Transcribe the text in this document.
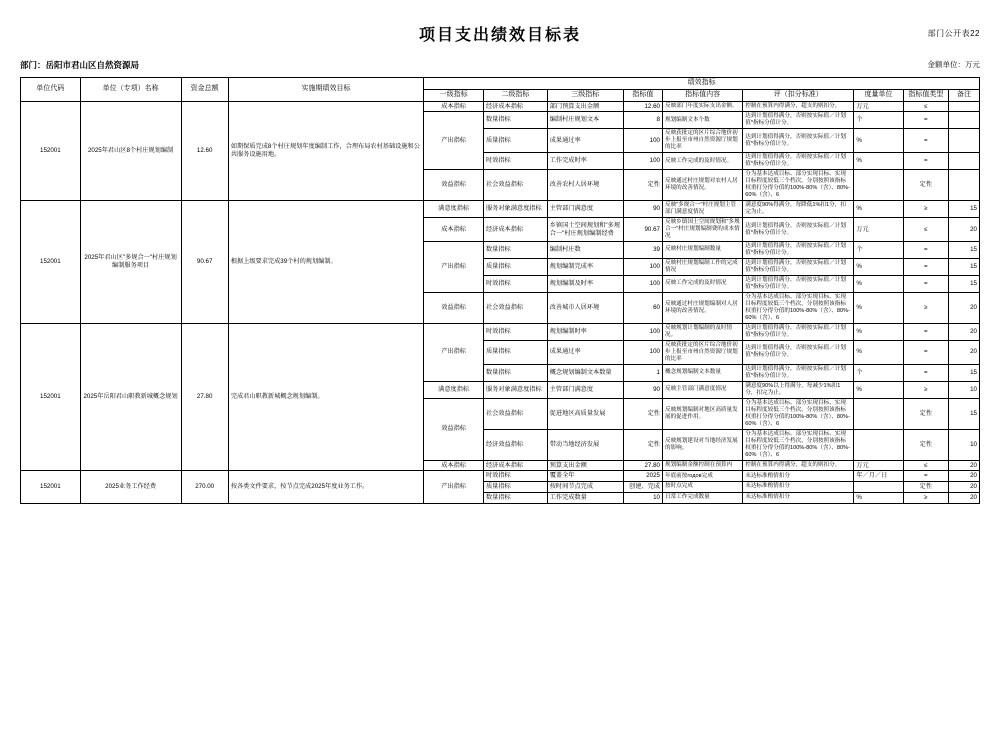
部门公开表22
项目支出绩效目标表
部门：岳阳市君山区自然资源局	金额单位：万元
单位代码	单位（专项）名称	资金总额	实施期绩效目标	绩效指标								
				一级指标	二级指标	三级指标	指标值	指标值内容	评（扣分标准）	度量单位	指标值类型	备注
152001	2025年君山区8个村庄规划编制	12.60	如期保质完成8个村庄规划年度编制工作，合理布局农村基础设施和公共服务设施用地。	成本指标	经济成本指标	部门预算支出金额	12.60	反映部门年度实际支出金额。	控制在预算内得满分，超支的则扣分。	万元	≤	
				产出指标	数量指标	编制村庄规划文本	8	规划编制文本个数	达到计划值得满分，否则按实际值／计划值*指标分值计分。	个	=	
					质量指标	成果通过率	100	反映获批定的区片综合地价初步上报至市州自然资源厅规划的比率	达到计划值得满分，否则按实际值／计划值*指标分值计分。	%	=	
					时效指标	工作完成时率	100	反映工作完成的及时情况。	达到计划值得满分，否则按实际值／计划值*指标分值计分。	%	=	
				效益指标	社会效益指标	改善农村人居环境	定性	反映通过村庄规划对农村人居环境的改善情况。	分为基本达成目标、部分实现目标、实现目标程度较低三个档次，分别按照该指标权重打分得分值的100%-80%（含）、80%-60%（含）、6		定性	
152001	2025年君山区"多规合一"村庄规划编制服务项目	90.67	根据上级要求完成39个村的规划编制。	满意度指标	服务对象满意度指标	主管部门满意度	90	反映"多规合一"村庄规划主管部门满意度情况	满意度90%得满分，每降低1%扣1分，扣完为止。	%	≥	15
				成本指标	经济成本指标	乡镇国土空间规划和"多规合一"村庄规划编制经费	90.67	反映乡镇国土空间规划和"多规合一"村庄规划编制费的成本情况	达到计划值得满分，否则按实际值／计划值*指标分值计分。	万元	≤	20
				产出指标	数量指标	编制村庄数	39	反映村庄规划编制数量	达到计划值得满分，否则按实际值／计划值*指标分值计分。	个	=	15
					质量指标	规划编制完成率	100	反映村庄规划编制工作的完成情况	达到计划值得满分，否则按实际值／计划值*指标分值计分。	%	=	15
					时效指标	规划编制及时率	100	反映工作完成的及时情况	达到计划值得满分，否则按实际值／计划值*指标分值计分。	%	=	15
				效益指标	社会效益指标	改善城市人居环境	60	反映通过村庄规划编制对人居环境的改善情况。	分为基本达成目标、部分实现目标、实现目标程度较低三个档次，分别按照该指标权重打分得分值的100%-80%（含）、80%-60%（含）、6	%	≥	20
152001	2025年岳阳君山职教新城概念规划	27.80	完成君山职教新城概念规划编制。	产出指标	时效指标	规划编制时率	100	反映规划计划编制的及时情况。	达到计划值得满分，否则按实际值／计划值*指标分值计分。	%	=	20
					质量指标	成果通过率	100	反映获批定的区片综合地价初步上报至市州自然资源厅规划的比率	达到计划值得满分，否则按实际值／计划值*指标分值计分。	%	=	20
					数量指标	概念规划编制文本数量	1	概念规划编制文本数量	达到计划值得满分，否则按实际值／计划值*指标分值计分。	个	=	15
				满意度指标	服务对象满意度指标	主管部门满意度	90	反映主管部门满意度情况	满意度90%以上得满分，每减少1%扣1分，扣完为止。	%	≥	10
				效益指标	社会效益指标	促进地区高质量发展	定性	反映规划编制对地区高质量发展的促进作用。	分为基本达成目标、部分实现目标、实现目标程度较低三个档次，分别按照该指标权重打分得分值的100%-80%（含）、80%-60%（含）、6		定性	15
					经济效益指标	带动当地经济发展	定性	反映规划建设对当地经济发展的影响。	分为基本达成目标、部分实现目标、实现目标程度较低三个档次，分别按照该指标权重打分得分值的100%-80%（含）、80%-60%（含）、6		定性	10
				成本指标	经济成本指标	预算支出金额	27.80	规划编制金额控制在预算内	控制在预算内得满分，超支的则扣分。	万元	≤	20
152001	2025业务工作经费	270.00	按各类文件要求，按节点完成2025年度业务工作。	产出指标	时效指标	覆盖全年	2025	年底前按годов完成	未达标准酌情扣分	年／月／日	=	20
					质量指标	按时间节点完成	创建、完成	按时点完成	未达标准酌情扣分		定性	20
					数量指标	工作完成数量	10	日常工作完成数量	未达标准酌情扣分	%	≥	20
